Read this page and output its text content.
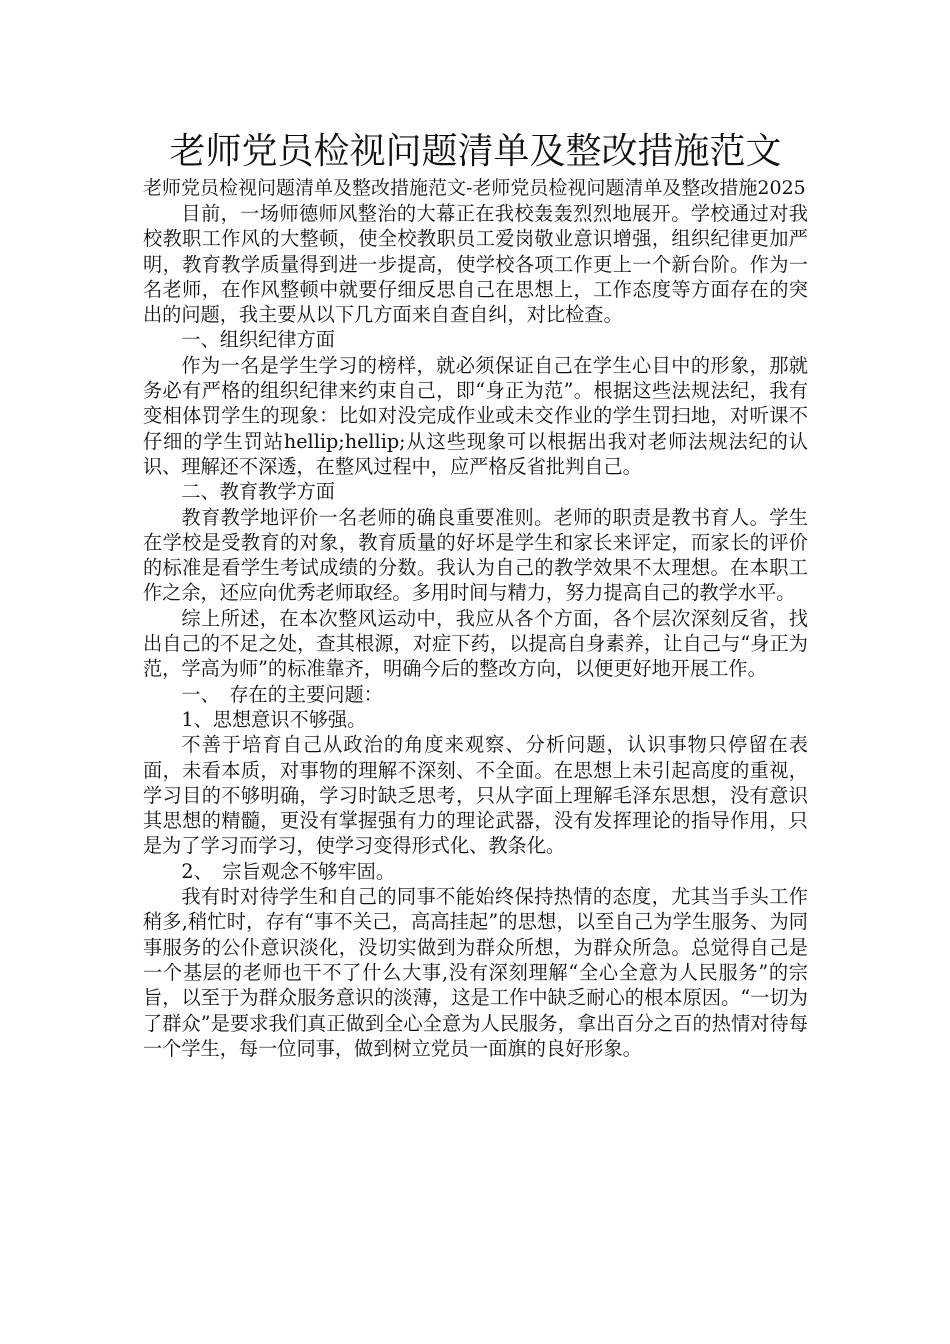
老师党员检视问题清单及整改措施范文

老师党员检视问题清单及整改措施范文-老师党员检视问题清单及整改措施2025

目前，一场师德师风整治的大幕正在我校轰轰烈烈地展开。学校通过对我校教职工作风的大整顿，使全校教职员工爱岗敬业意识增强，组织纪律更加严明，教育教学质量得到进一步提高，使学校各项工作更上一个新台阶。作为一名老师，在作风整顿中就要仔细反思自己在思想上，工作态度等方面存在的突出的问题，我主要从以下几方面来自查自纠，对比检查。

一、组织纪律方面

作为一名是学生学习的榜样，就必须保证自己在学生心目中的形象，那就务必有严格的组织纪律来约束自己，即“身正为范”。根据这些法规法纪，我有变相体罚学生的现象：比如对没完成作业或未交作业的学生罚扫地，对听课不仔细的学生罚站hellip;hellip;从这些现象可以根据出我对老师法规法纪的认识、理解还不深透，在整风过程中，应严格反省批判自己。

二、教育教学方面

教育教学地评价一名老师的确良重要准则。老师的职责是教书育人。学生在学校是受教育的对象，教育质量的好坏是学生和家长来评定，而家长的评价的标准是看学生考试成绩的分数。我认为自己的教学效果不太理想。在本职工作之余，还应向优秀老师取经。多用时间与精力，努力提高自己的教学水平。

综上所述，在本次整风运动中，我应从各个方面，各个层次深刻反省，找出自己的不足之处，查其根源，对症下药，以提高自身素养，让自己与“身正为范，学高为师”的标准靠齐，明确今后的整改方向，以便更好地开展工作。

一、　存在的主要问题：

1、思想意识不够强。

不善于培育自己从政治的角度来观察、分析问题，认识事物只停留在表面，未看本质，对事物的理解不深刻、不全面。在思想上未引起高度的重视，学习目的不够明确，学习时缺乏思考，只从字面上理解毛泽东思想，没有意识其思想的精髓，更没有掌握强有力的理论武器，没有发挥理论的指导作用，只是为了学习而学习，使学习变得形式化、教条化。

2、　宗旨观念不够牢固。

我有时对待学生和自己的同事不能始终保持热情的态度，尤其当手头工作稍多,稍忙时，存有“事不关己，高高挂起”的思想，以至自己为学生服务、为同事服务的公仆意识淡化，没切实做到为群众所想，为群众所急。总觉得自己是一个基层的老师也干不了什么大事,没有深刻理解“全心全意为人民服务”的宗旨，以至于为群众服务意识的淡薄，这是工作中缺乏耐心的根本原因。“一切为了群众”是要求我们真正做到全心全意为人民服务，拿出百分之百的热情对待每一个学生，每一位同事，做到树立党员一面旗的良好形象。
